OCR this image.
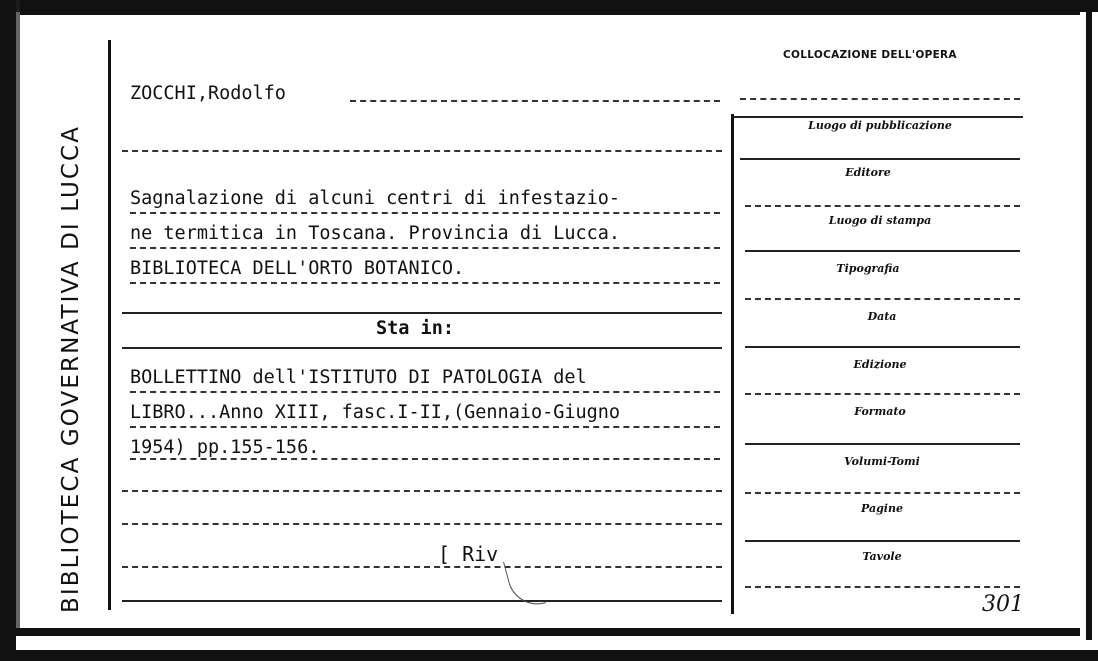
BIBLIOTECA GOVERNATIVA DI LUCCA
ZOCCHI,Rodolfo
Sagnalazione di alcuni centri di infestazio-
ne termitica in Toscana. Provincia di Lucca.
BIBLIOTECA DELL'ORTO BOTANICO.
Sta in:
BOLLETTINO dell'ISTITUTO DI PATOLOGIA del
LIBRO...Anno XIII, fasc.I-II,(Gennaio-Giugno
1954) pp.155-156.
[ Riv
COLLOCAZIONE DELL'OPERA
Luogo di pubblicazione
Editore
Luogo di stampa
Tipografia
Data
Edizione
Formato
Volumi-Tomi
Pagine
Tavole
301
